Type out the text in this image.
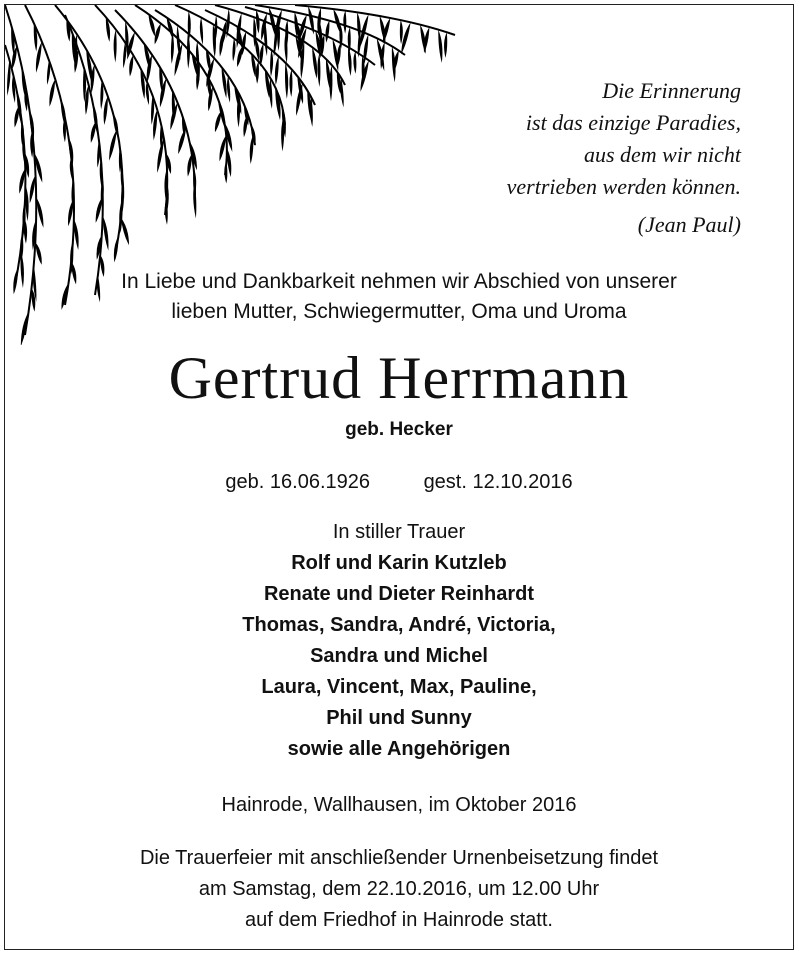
Die Erinnerung
ist das einzige Paradies,
aus dem wir nicht
vertrieben werden können.
(Jean Paul)
In Liebe und Dankbarkeit nehmen wir Abschied von unserer
lieben Mutter, Schwiegermutter, Oma und Uroma
Gertrud Herrmann
geb. Hecker
geb. 16.06.1926	gest. 12.10.2016
In stiller Trauer
Rolf und Karin Kutzleb
Renate und Dieter Reinhardt
Thomas, Sandra, André, Victoria,
Sandra und Michel
Laura, Vincent, Max, Pauline,
Phil und Sunny
sowie alle Angehörigen
Hainrode, Wallhausen, im Oktober 2016
Die Trauerfeier mit anschließender Urnenbeisetzung findet
am Samstag, dem 22.10.2016, um 12.00 Uhr
auf dem Friedhof in Hainrode statt.
